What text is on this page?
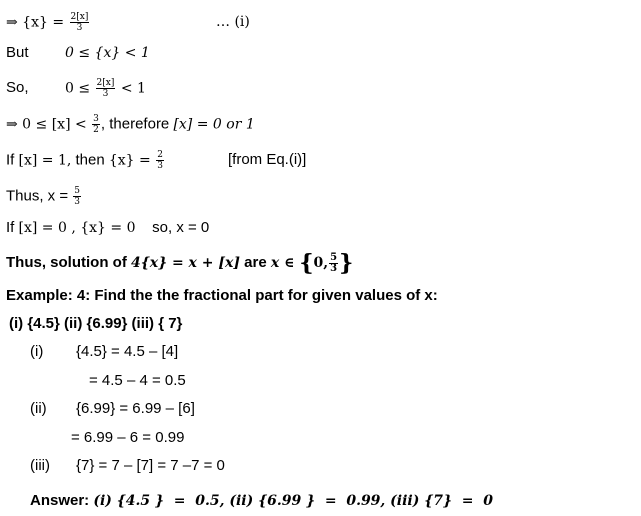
⇒ $\{x\} = \frac{2[x]}{3}$	… (i)
But	0 ≤ {x} < 1
So,	$0 \le \frac{2[x]}{3} < 1$
⇒ $0 \le [x] < \frac{3}{2}$ , therefore [x] = 0 or 1
If [x] = 1, then $\{x\} = \frac{2}{3}$	[from Eq.(i)]
Thus, $x = \frac{5}{3}$
If [x] = 0 , {x} = 0    so, x = 0
Thus, solution of 4{x} = x + [x] are x ∈ {0, $\frac{5}{3}$ }
Example: 4: Find the the fractional part for given values of x:
(i) {4.5} (ii) {6.99} (iii) { 7}
(i) {4.5} = 4.5 – [4]
= 4.5 – 4 = 0.5
(ii) {6.99} = 6.99 – [6]
= 6.99 – 6 = 0.99
(iii) {7} = 7 – [7] = 7 –7 = 0
Answer: (i) {4.5 }  =  0.5, (ii) {6.99 }  =  0.99, (iii) {7}  =  0
